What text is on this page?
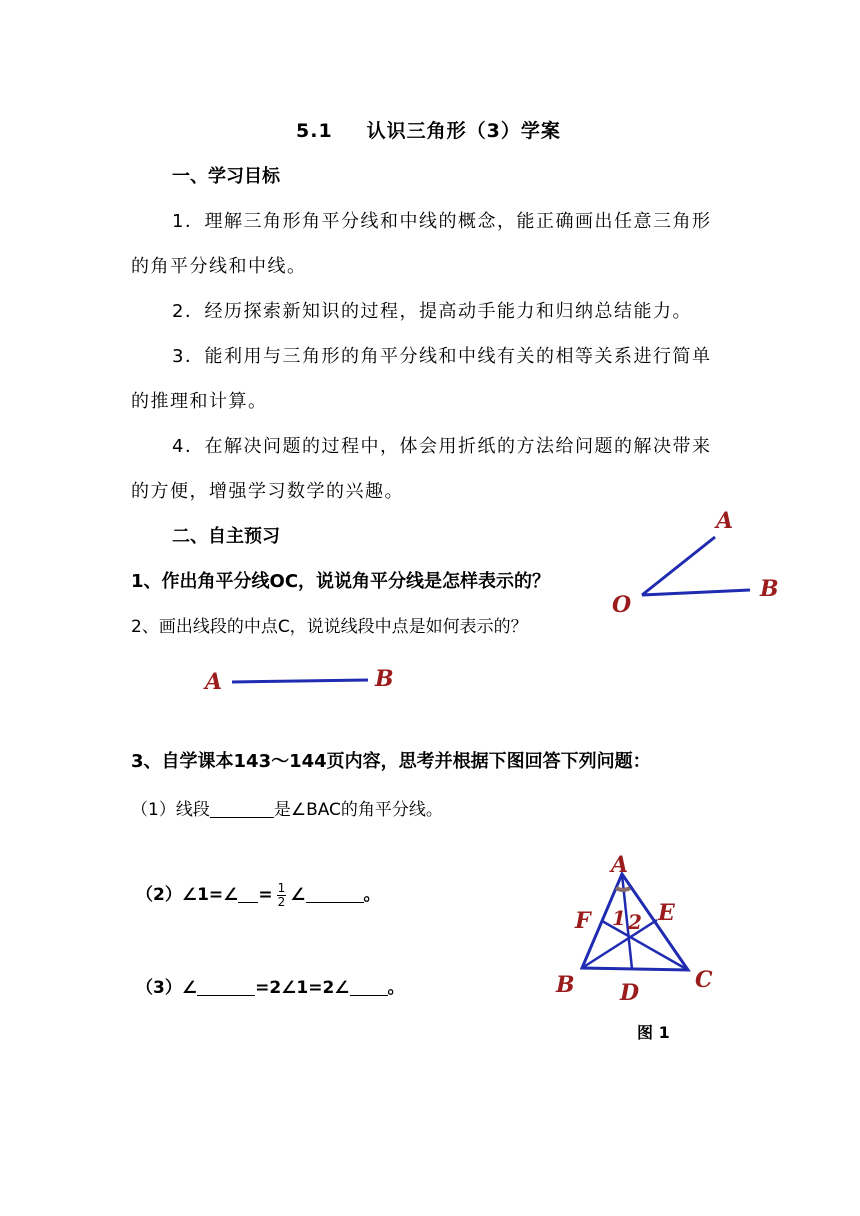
5.1 认识三角形（3）学案
一、学习目标
1．理解三角形角平分线和中线的概念，能正确画出任意三角形
的角平分线和中线。
2．经历探索新知识的过程，提高动手能力和归纳总结能力。
3．能利用与三角形的角平分线和中线有关的相等关系进行简单
的推理和计算。
4．在解决问题的过程中，体会用折纸的方法给问题的解决带来
的方便，增强学习数学的兴趣。
二、自主预习
1、作出角平分线OC，说说角平分线是怎样表示的？
2、画出线段的中点C，说说线段中点是如何表示的？
A
O
B
A	B
3、自学课本143～144页内容，思考并根据下图回答下列问题：
（1）线段	是∠BAC的角平分线。
（2）∠1=∠ = $\frac{1}{2}$ ∠	。
（3）∠	=2∠1=2∠ 。
A
F	E
1 2
B D	C
图 1
